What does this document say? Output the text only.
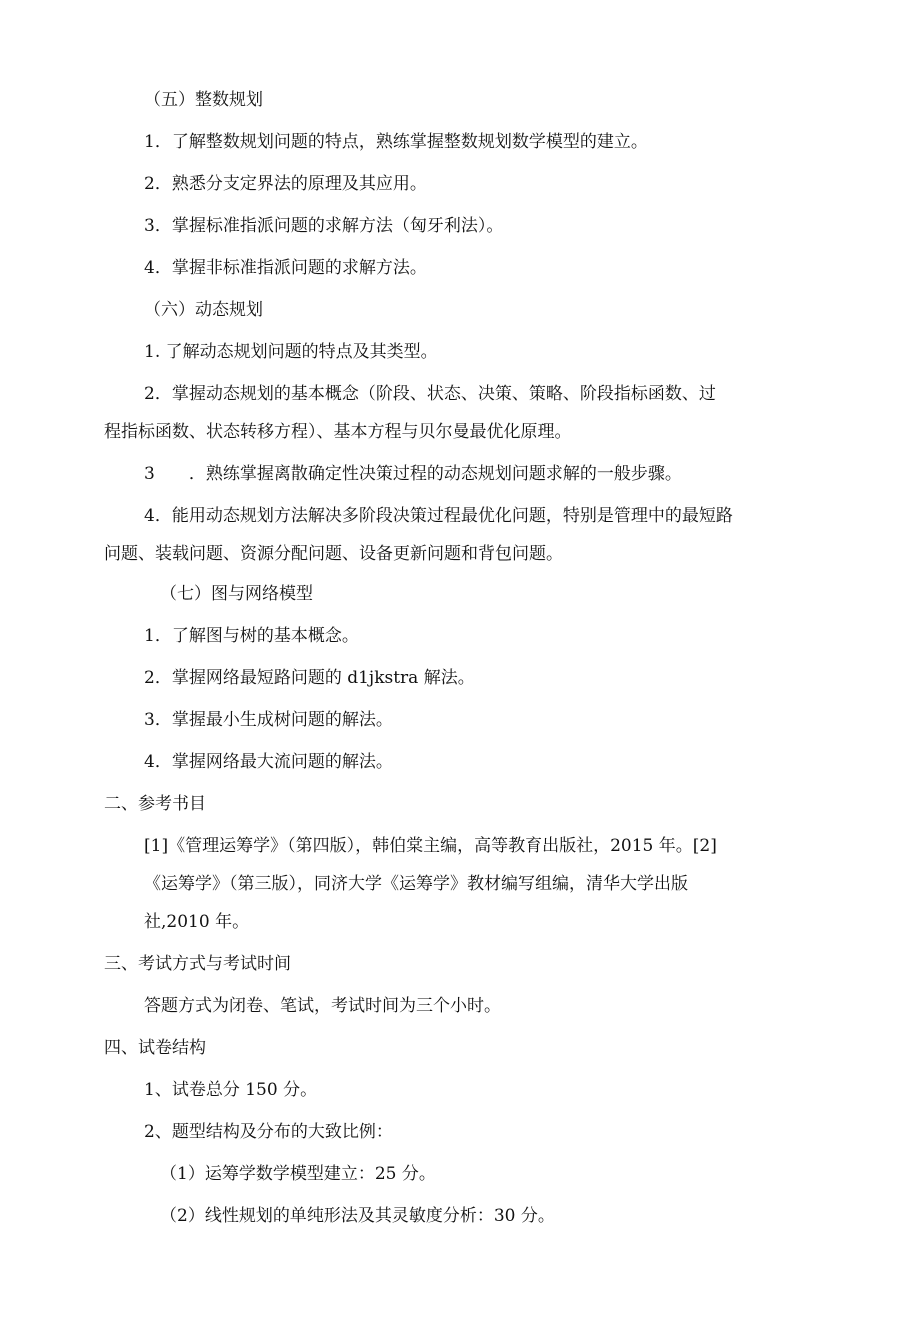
（五）整数规划
1．了解整数规划问题的特点，熟练掌握整数规划数学模型的建立。
2．熟悉分支定界法的原理及其应用。
3．掌握标准指派问题的求解方法（匈牙利法）。
4．掌握非标准指派问题的求解方法。
（六）动态规划
1. 了解动态规划问题的特点及其类型。
2．掌握动态规划的基本概念（阶段、状态、决策、策略、阶段指标函数、过
程指标函数、状态转移方程）、基本方程与贝尔曼最优化原理。
3　　．熟练掌握离散确定性决策过程的动态规划问题求解的一般步骤。
4．能用动态规划方法解决多阶段决策过程最优化问题，特别是管理中的最短路
问题、装载问题、资源分配问题、设备更新问题和背包问题。
（七）图与网络模型
1．了解图与树的基本概念。
2．掌握网络最短路问题的 d1jkstra 解法。
3．掌握最小生成树问题的解法。
4．掌握网络最大流问题的解法。
二、参考书目
[1]《管理运筹学》（第四版），韩伯棠主编，高等教育出版社，2015 年。[2]
《运筹学》（第三版），同济大学《运筹学》教材编写组编，清华大学出版
社,2010 年。
三、考试方式与考试时间
答题方式为闭卷、笔试，考试时间为三个小时。
四、试卷结构
1、试卷总分 150 分。
2、题型结构及分布的大致比例：
（1）运筹学数学模型建立：25 分。
（2）线性规划的单纯形法及其灵敏度分析：30 分。
